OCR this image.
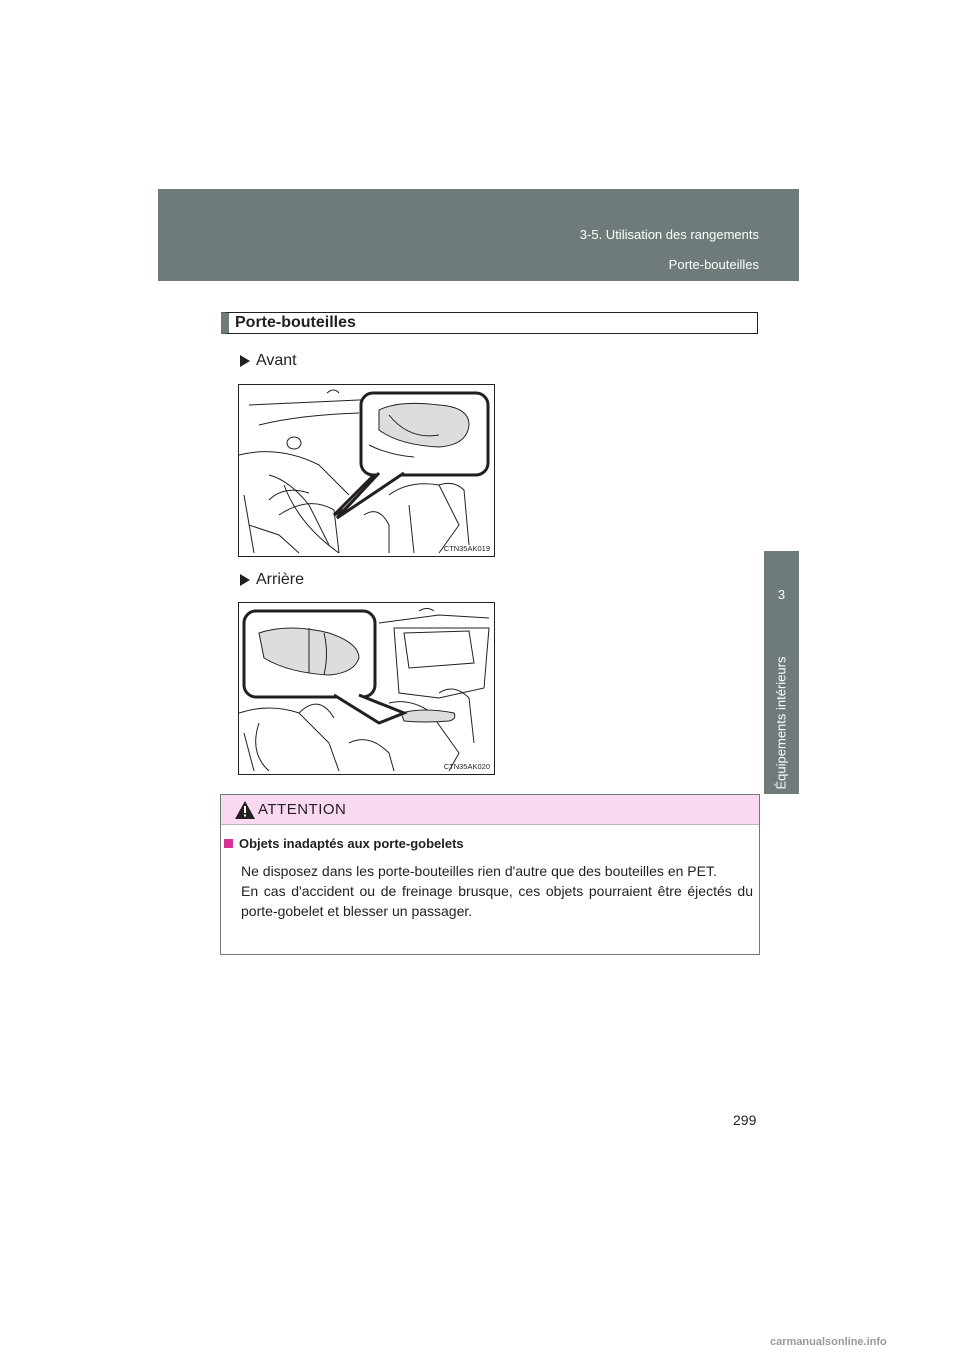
3-5. Utilisation des rangements
Porte-bouteilles
3
Équipements intérieurs
Porte-bouteilles
Avant
CTN35AK019
Arrière
CTN35AK020
ATTENTION
Objets inadaptés aux porte-gobelets

Ne disposez dans les porte-bouteilles rien d'autre que des bouteilles en PET.

En cas d'accident ou de freinage brusque, ces objets pourraient être éjectés du porte-gobelet et blesser un passager.

299
carmanualsonline.info
